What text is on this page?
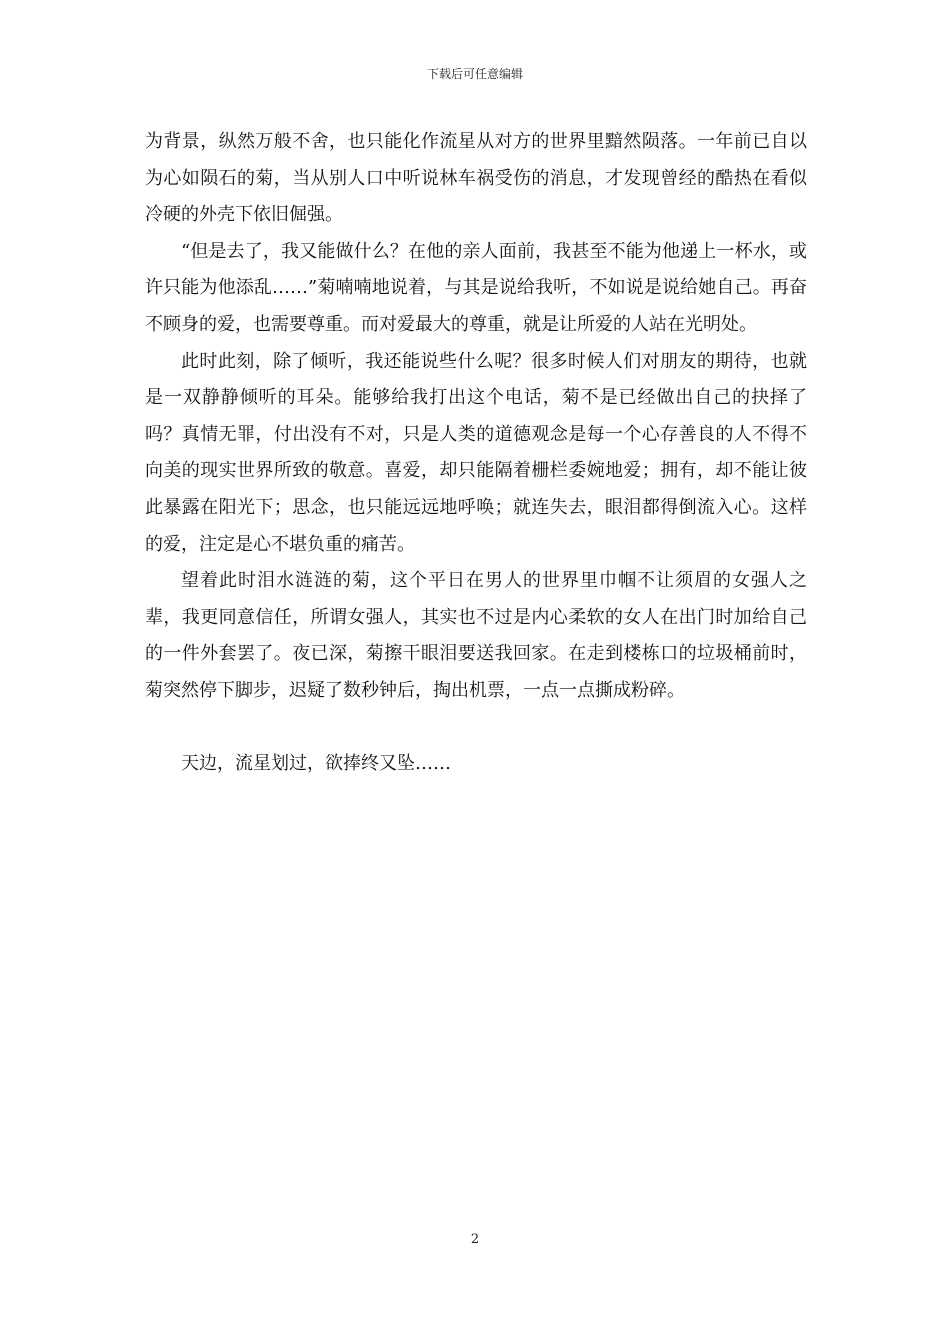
下载后可任意编辑

为背景，纵然万般不舍，也只能化作流星从对方的世界里黯然陨落。一年前已自以为心如陨石的菊，当从别人口中听说林车祸受伤的消息，才发现曾经的酷热在看似冷硬的外壳下依旧倔强。

“但是去了，我又能做什么？在他的亲人面前，我甚至不能为他递上一杯水，或许只能为他添乱……”菊喃喃地说着，与其是说给我听，不如说是说给她自己。再奋不顾身的爱，也需要尊重。而对爱最大的尊重，就是让所爱的人站在光明处。

此时此刻，除了倾听，我还能说些什么呢？很多时候人们对朋友的期待，也就是一双静静倾听的耳朵。能够给我打出这个电话，菊不是已经做出自己的抉择了吗？真情无罪，付出没有不对，只是人类的道德观念是每一个心存善良的人不得不向美的现实世界所致的敬意。喜爱，却只能隔着栅栏委婉地爱；拥有，却不能让彼此暴露在阳光下；思念，也只能远远地呼唤；就连失去，眼泪都得倒流入心。这样的爱，注定是心不堪负重的痛苦。

望着此时泪水涟涟的菊，这个平日在男人的世界里巾帼不让须眉的女强人之辈，我更同意信任，所谓女强人，其实也不过是内心柔软的女人在出门时加给自己的一件外套罢了。夜已深，菊擦干眼泪要送我回家。在走到楼栋口的垃圾桶前时，菊突然停下脚步，迟疑了数秒钟后，掏出机票，一点一点撕成粉碎。

天边，流星划过，欲捧终又坠……

2
